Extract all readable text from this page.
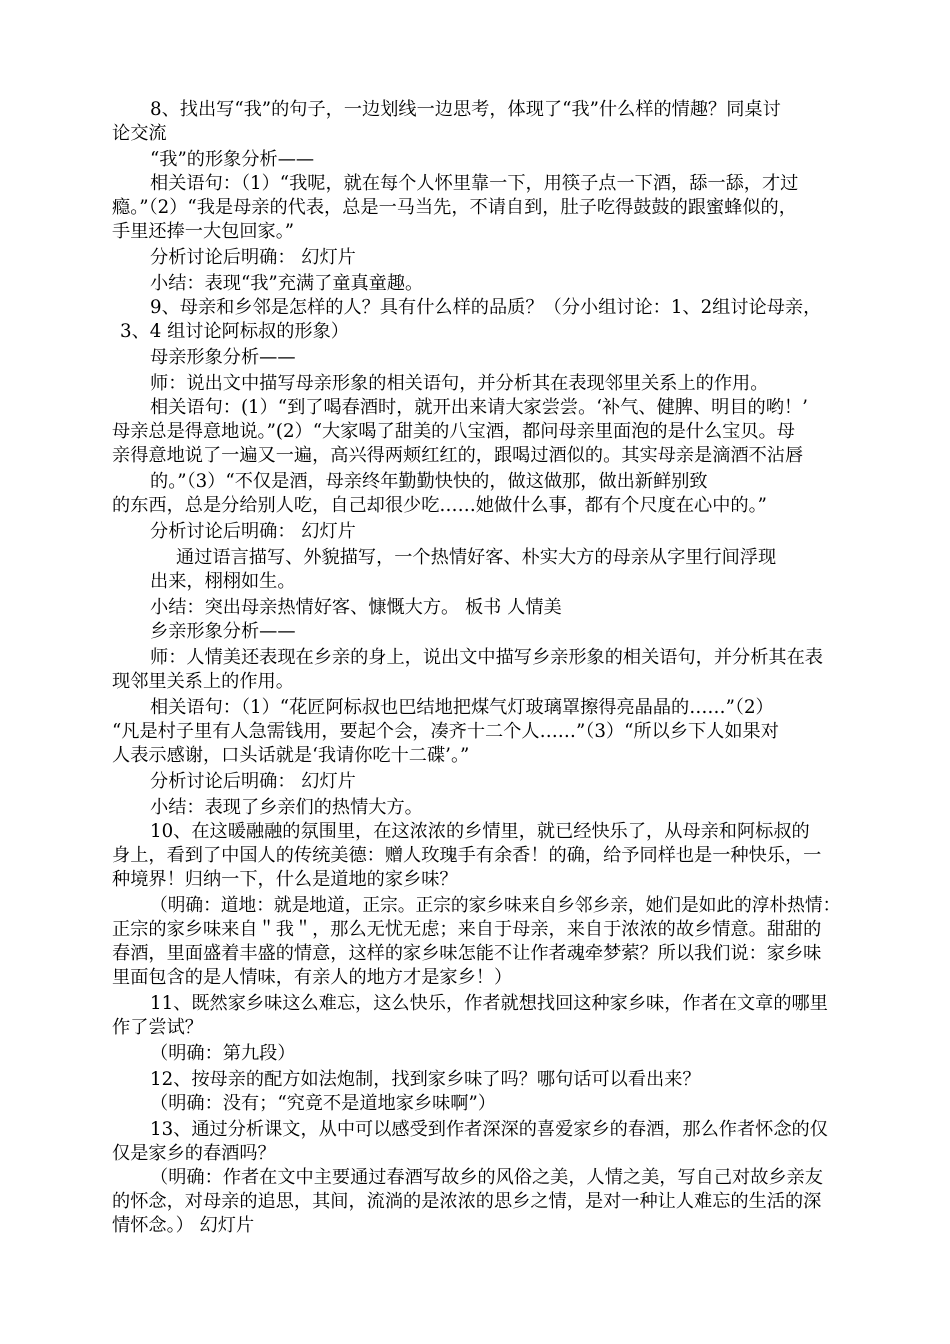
8、找出写“我”的句子，一边划线一边思考，体现了“我”什么样的情趣？同桌讨
论交流
“我”的形象分析——
相关语句：（1）“我呢，就在每个人怀里靠一下，用筷子点一下酒，舔一舔，才过
瘾。”（2）“我是母亲的代表，总是一马当先，不请自到，肚子吃得鼓鼓的跟蜜蜂似的，
手里还捧一大包回家。”
分析讨论后明确： 幻灯片
小结：表现“我”充满了童真童趣。
9、母亲和乡邻是怎样的人？具有什么样的品质？（分小组讨论：1、2组讨论母亲，
3、4 组讨论阿标叔的形象）
母亲形象分析——
师：说出文中描写母亲形象的相关语句，并分析其在表现邻里关系上的作用。
相关语句：(1）“到了喝春酒时，就开出来请大家尝尝。‘补气、健脾、明目的哟！’
母亲总是得意地说。”(2）“大家喝了甜美的八宝酒，都问母亲里面泡的是什么宝贝。母
亲得意地说了一遍又一遍，高兴得两颊红红的，跟喝过酒似的。其实母亲是滴酒不沾唇
的。”（3）“不仅是酒，母亲终年勤勤快快的，做这做那，做出新鲜别致
的东西，总是分给别人吃，自己却很少吃……她做什么事，都有个尺度在心中的。”
分析讨论后明确： 幻灯片
通过语言描写、外貌描写，一个热情好客、朴实大方的母亲从字里行间浮现
出来，栩栩如生。
小结：突出母亲热情好客、慷慨大方。 板书 人情美
乡亲形象分析——
师：人情美还表现在乡亲的身上，说出文中描写乡亲形象的相关语句，并分析其在表
现邻里关系上的作用。
相关语句：（1）“花匠阿标叔也巴结地把煤气灯玻璃罩擦得亮晶晶的……”（2）
“凡是村子里有人急需钱用，要起个会，凑齐十二个人……”（3）“所以乡下人如果对
人表示感谢，口头话就是‘我请你吃十二碟’。”
分析讨论后明确： 幻灯片
小结：表现了乡亲们的热情大方。
10、在这暖融融的氛围里，在这浓浓的乡情里，就已经快乐了，从母亲和阿标叔的
身上，看到了中国人的传统美德：赠人玫瑰手有余香！的确，给予同样也是一种快乐，一
种境界！归纳一下，什么是道地的家乡味？
（明确：道地：就是地道，正宗。正宗的家乡味来自乡邻乡亲，她们是如此的淳朴热情：
正宗的家乡味来自＂我＂，那么无忧无虑；来自于母亲，来自于浓浓的故乡情意。甜甜的
春酒，里面盛着丰盛的情意，这样的家乡味怎能不让作者魂牵梦萦？所以我们说：家乡味
里面包含的是人情味，有亲人的地方才是家乡！）
11、既然家乡味这么难忘，这么快乐，作者就想找回这种家乡味，作者在文章的哪里
作了尝试？
（明确：第九段）
12、按母亲的配方如法炮制，找到家乡味了吗？哪句话可以看出来？
（明确：没有；“究竟不是道地家乡味啊”）
13、通过分析课文，从中可以感受到作者深深的喜爱家乡的春酒，那么作者怀念的仅
仅是家乡的春酒吗？
（明确：作者在文中主要通过春酒写故乡的风俗之美，人情之美，写自己对故乡亲友
的怀念，对母亲的追思，其间，流淌的是浓浓的思乡之情，是对一种让人难忘的生活的深
情怀念。） 幻灯片
